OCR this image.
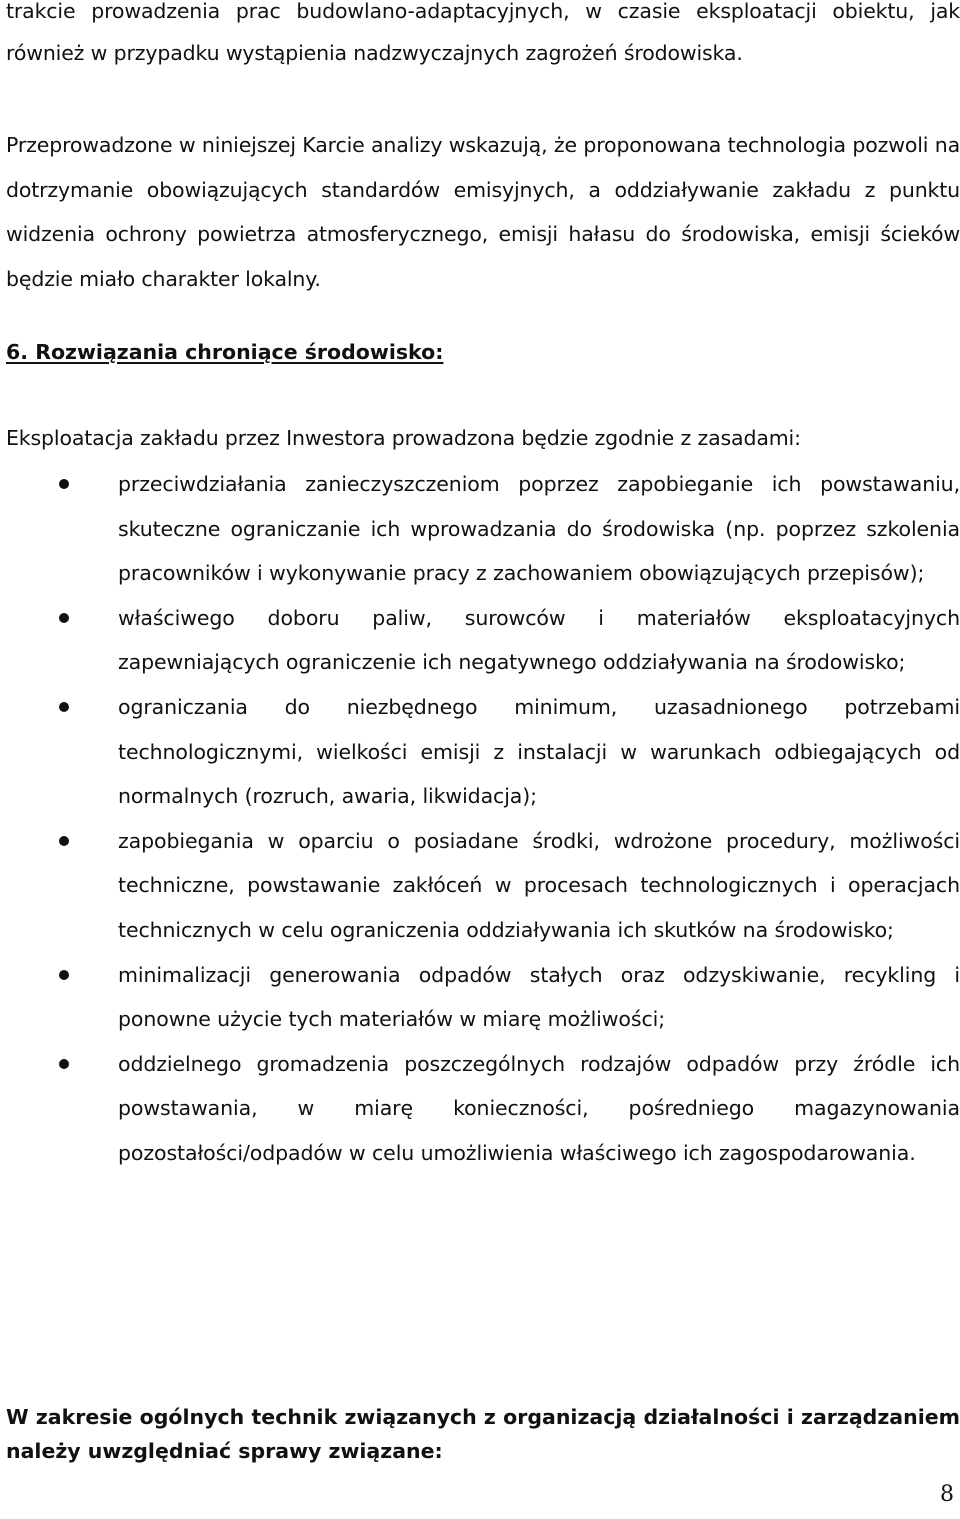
trakcie prowadzenia prac budowlano-adaptacyjnych, w czasie eksploatacji obiektu, jak również w przypadku wystąpienia nadzwyczajnych zagrożeń środowiska.

Przeprowadzone w niniejszej Karcie analizy wskazują, że proponowana technologia pozwoli na dotrzymanie obowiązujących standardów emisyjnych, a oddziaływanie zakładu z punktu widzenia ochrony powietrza atmosferycznego, emisji hałasu do środowiska, emisji ścieków będzie miało charakter lokalny.

6. Rozwiązania chroniące środowisko:

Eksploatacja zakładu przez Inwestora prowadzona będzie zgodnie z zasadami:

przeciwdziałania zanieczyszczeniom poprzez zapobieganie ich powstawaniu, skuteczne ograniczanie ich wprowadzania do środowiska (np. poprzez szkolenia pracowników i wykonywanie pracy z zachowaniem obowiązujących przepisów);
właściwego doboru paliw, surowców i materiałów eksploatacyjnych zapewniających ograniczenie ich negatywnego oddziaływania na środowisko;
ograniczania do niezbędnego minimum, uzasadnionego potrzebami technologicznymi, wielkości emisji z instalacji w warunkach odbiegających od normalnych (rozruch, awaria, likwidacja);
zapobiegania w oparciu o posiadane środki, wdrożone procedury, możliwości techniczne, powstawanie zakłóceń w procesach technologicznych i operacjach technicznych w celu ograniczenia oddziaływania ich skutków na środowisko;
minimalizacji generowania odpadów stałych oraz odzyskiwanie, recykling i ponowne użycie tych materiałów w miarę możliwości;
oddzielnego gromadzenia poszczególnych rodzajów odpadów przy źródle ich powstawania, w miarę konieczności, pośredniego magazynowania pozostałości/odpadów w celu umożliwienia właściwego ich zagospodarowania.

W zakresie ogólnych technik związanych z organizacją działalności i zarządzaniem należy uwzględniać sprawy związane:

8
